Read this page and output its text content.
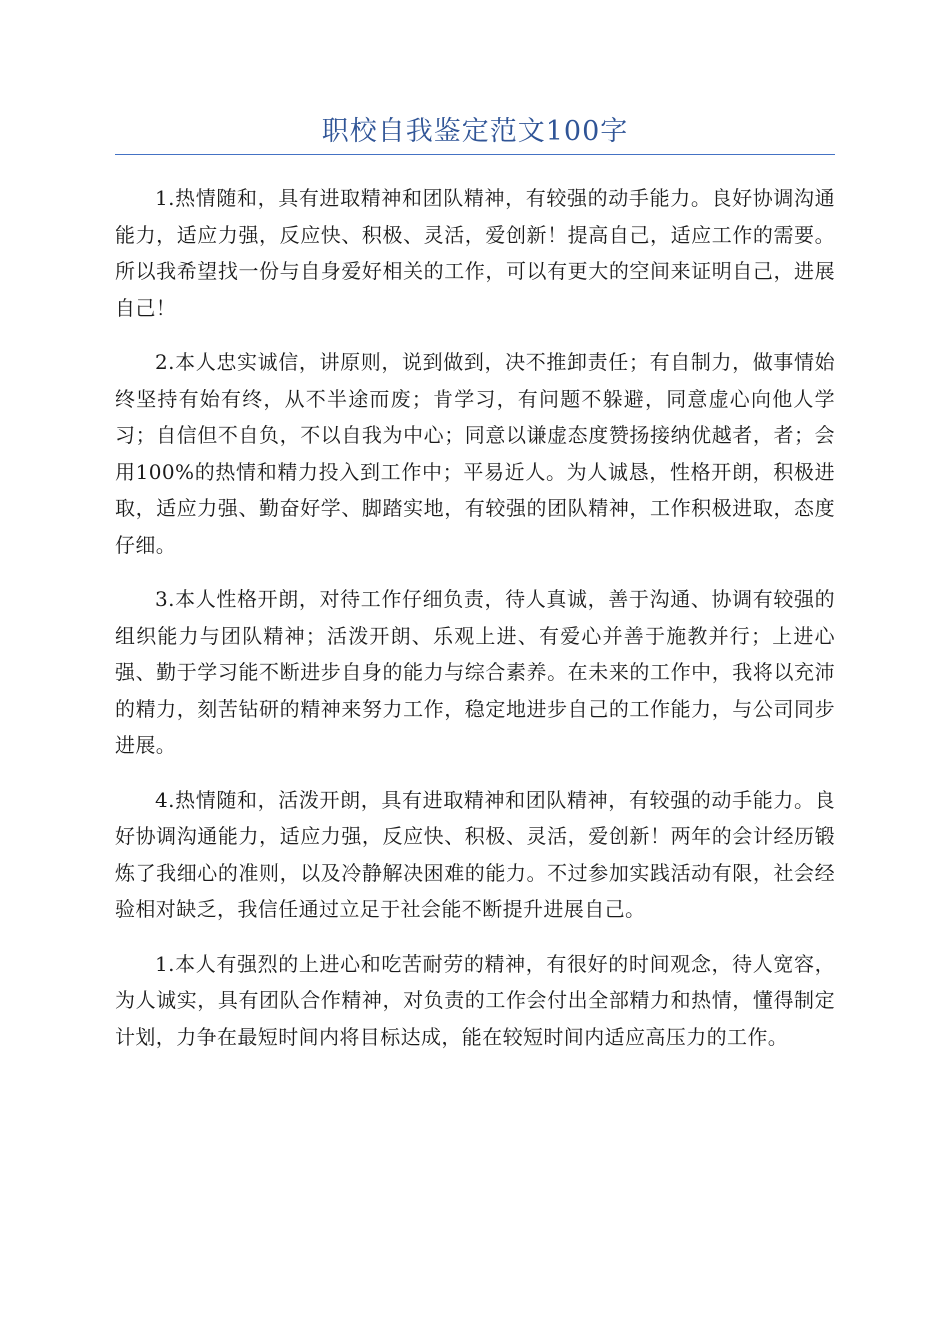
职校自我鉴定范文100字

1.热情随和，具有进取精神和团队精神，有较强的动手能力。良好协调沟通能力，适应力强，反应快、积极、灵活，爱创新！提高自己，适应工作的需要。所以我希望找一份与自身爱好相关的工作，可以有更大的空间来证明自己，进展自己！

2.本人忠实诚信，讲原则，说到做到，决不推卸责任；有自制力，做事情始终坚持有始有终，从不半途而废；肯学习，有问题不躲避，同意虚心向他人学习；自信但不自负，不以自我为中心；同意以谦虚态度赞扬接纳优越者，者；会用100%的热情和精力投入到工作中；平易近人。为人诚恳，性格开朗，积极进取，适应力强、勤奋好学、脚踏实地，有较强的团队精神，工作积极进取，态度仔细。

3.本人性格开朗，对待工作仔细负责，待人真诚，善于沟通、协调有较强的组织能力与团队精神；活泼开朗、乐观上进、有爱心并善于施教并行；上进心强、勤于学习能不断进步自身的能力与综合素养。在未来的工作中，我将以充沛的精力，刻苦钻研的精神来努力工作，稳定地进步自己的工作能力，与公司同步进展。

4.热情随和，活泼开朗，具有进取精神和团队精神，有较强的动手能力。良好协调沟通能力，适应力强，反应快、积极、灵活，爱创新！两年的会计经历锻炼了我细心的准则，以及冷静解决困难的能力。不过参加实践活动有限，社会经验相对缺乏，我信任通过立足于社会能不断提升进展自己。

1.本人有强烈的上进心和吃苦耐劳的精神，有很好的时间观念，待人宽容，为人诚实，具有团队合作精神，对负责的工作会付出全部精力和热情，懂得制定计划，力争在最短时间内将目标达成，能在较短时间内适应高压力的工作。
